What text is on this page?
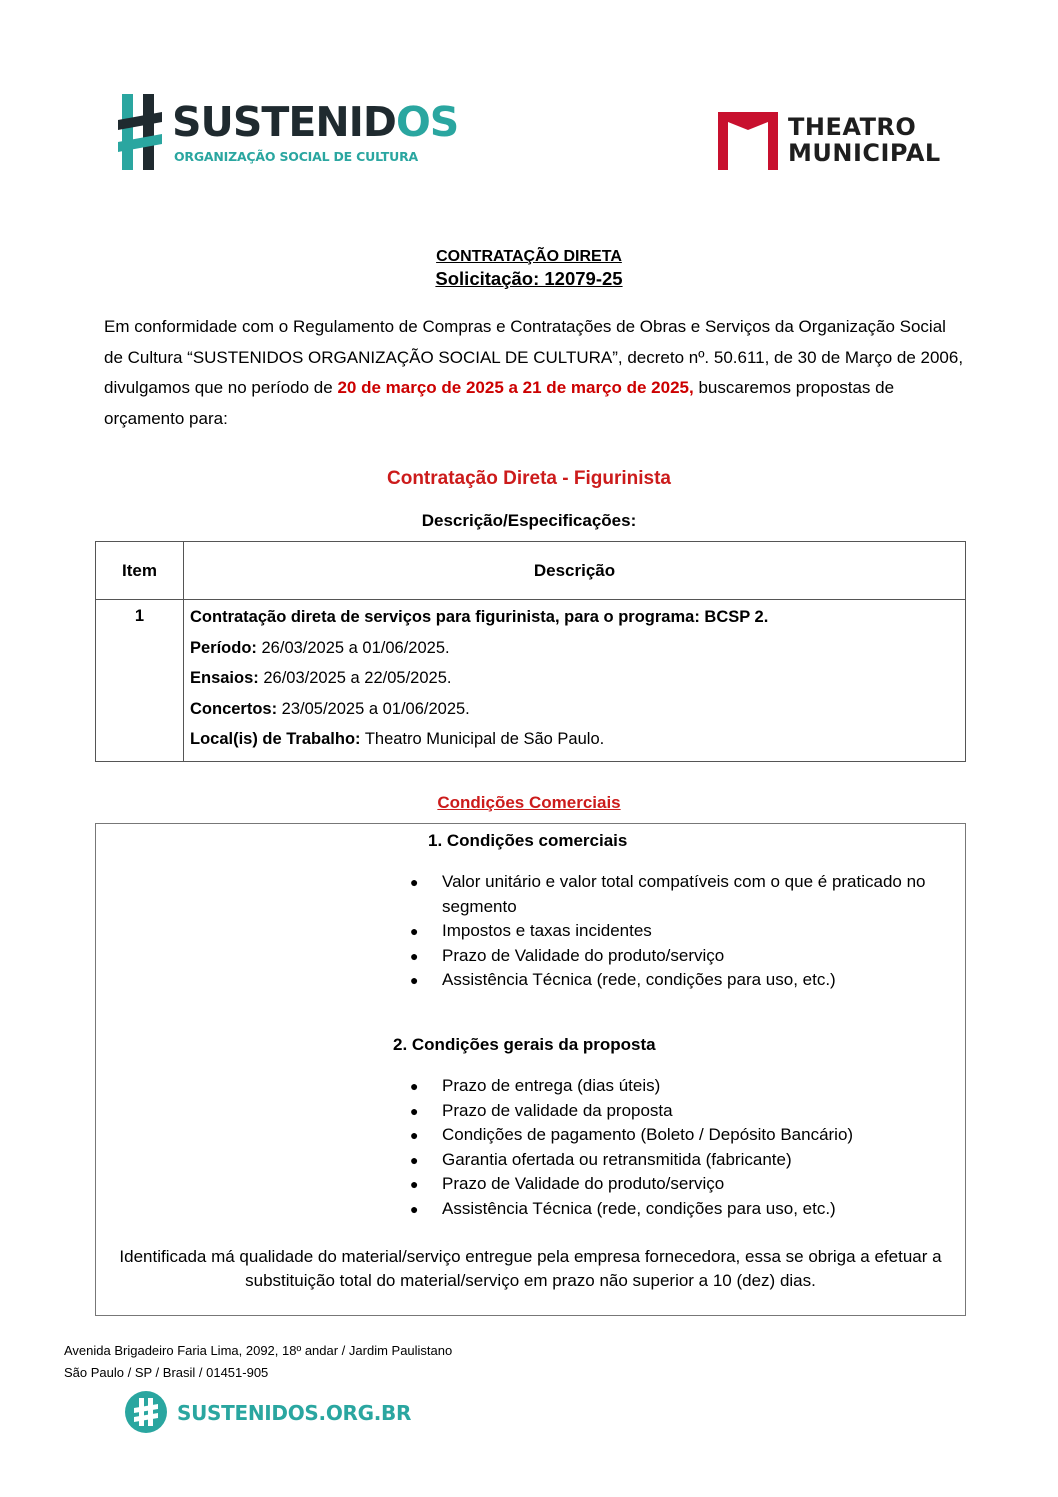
SUSTENIDOS
ORGANIZAÇÃO SOCIAL DE CULTURA
THEATRO
MUNICIPAL
CONTRATAÇÃO DIRETA
Solicitação: 12079-25
Em conformidade com o Regulamento de Compras e Contratações de Obras e Serviços da Organização Social de Cultura “SUSTENIDOS ORGANIZAÇÃO SOCIAL DE CULTURA”, decreto nº. 50.611, de 30 de Março de 2006, divulgamos que no período de 20 de março de 2025 a 21 de março de 2025, buscaremos propostas de orçamento para:
Contratação Direta - Figurinista
Descrição/Especificações:
Item	Descrição
1	Contratação direta de serviços para figurinista, para o programa: BCSP 2.
Período: 26/03/2025 a 01/06/2025.
Ensaios: 26/03/2025 a 22/05/2025.
Concertos: 23/05/2025 a 01/06/2025.
Local(is) de Trabalho: Theatro Municipal de São Paulo.
Condições Comerciais
1. Condições comerciais
● Valor unitário e valor total compatíveis com o que é praticado no segmento
● Impostos e taxas incidentes
● Prazo de Validade do produto/serviço
● Assistência Técnica (rede, condições para uso, etc.)
2. Condições gerais da proposta
● Prazo de entrega (dias úteis)
● Prazo de validade da proposta
● Condições de pagamento (Boleto / Depósito Bancário)
● Garantia ofertada ou retransmitida (fabricante)
● Prazo de Validade do produto/serviço
● Assistência Técnica (rede, condições para uso, etc.)
Identificada má qualidade do material/serviço entregue pela empresa fornecedora, essa se obriga a efetuar a substituição total do material/serviço em prazo não superior a 10 (dez) dias.
Avenida Brigadeiro Faria Lima, 2092, 18º andar / Jardim Paulistano
São Paulo / SP / Brasil / 01451-905
SUSTENIDOS.ORG.BR
